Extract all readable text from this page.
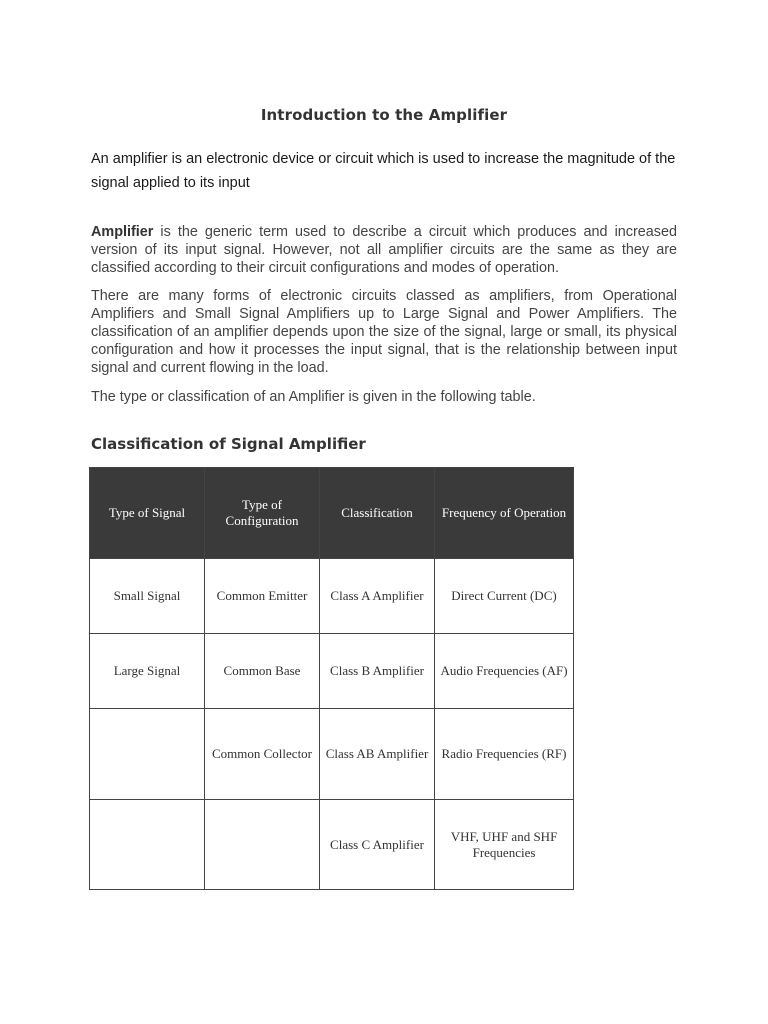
Introduction to the Amplifier

An amplifier is an electronic device or circuit which is used to increase the magnitude of the signal applied to its input

Amplifier is the generic term used to describe a circuit which produces and increased version of its input signal. However, not all amplifier circuits are the same as they are classified according to their circuit configurations and modes of operation.

There are many forms of electronic circuits classed as amplifiers, from Operational Amplifiers and Small Signal Amplifiers up to Large Signal and Power Amplifiers. The classification of an amplifier depends upon the size of the signal, large or small, its physical configuration and how it processes the input signal, that is the relationship between input signal and current flowing in the load.

The type or classification of an Amplifier is given in the following table.

Classification of Signal Amplifier
Type of Signal	Type of Configuration	Classification	Frequency of Operation
Small Signal	Common Emitter	Class A Amplifier	Direct Current (DC)
Large Signal	Common Base	Class B Amplifier	Audio Frequencies (AF)
	Common Collector	Class AB Amplifier	Radio Frequencies (RF)
		Class C Amplifier	VHF, UHF and SHF Frequencies
